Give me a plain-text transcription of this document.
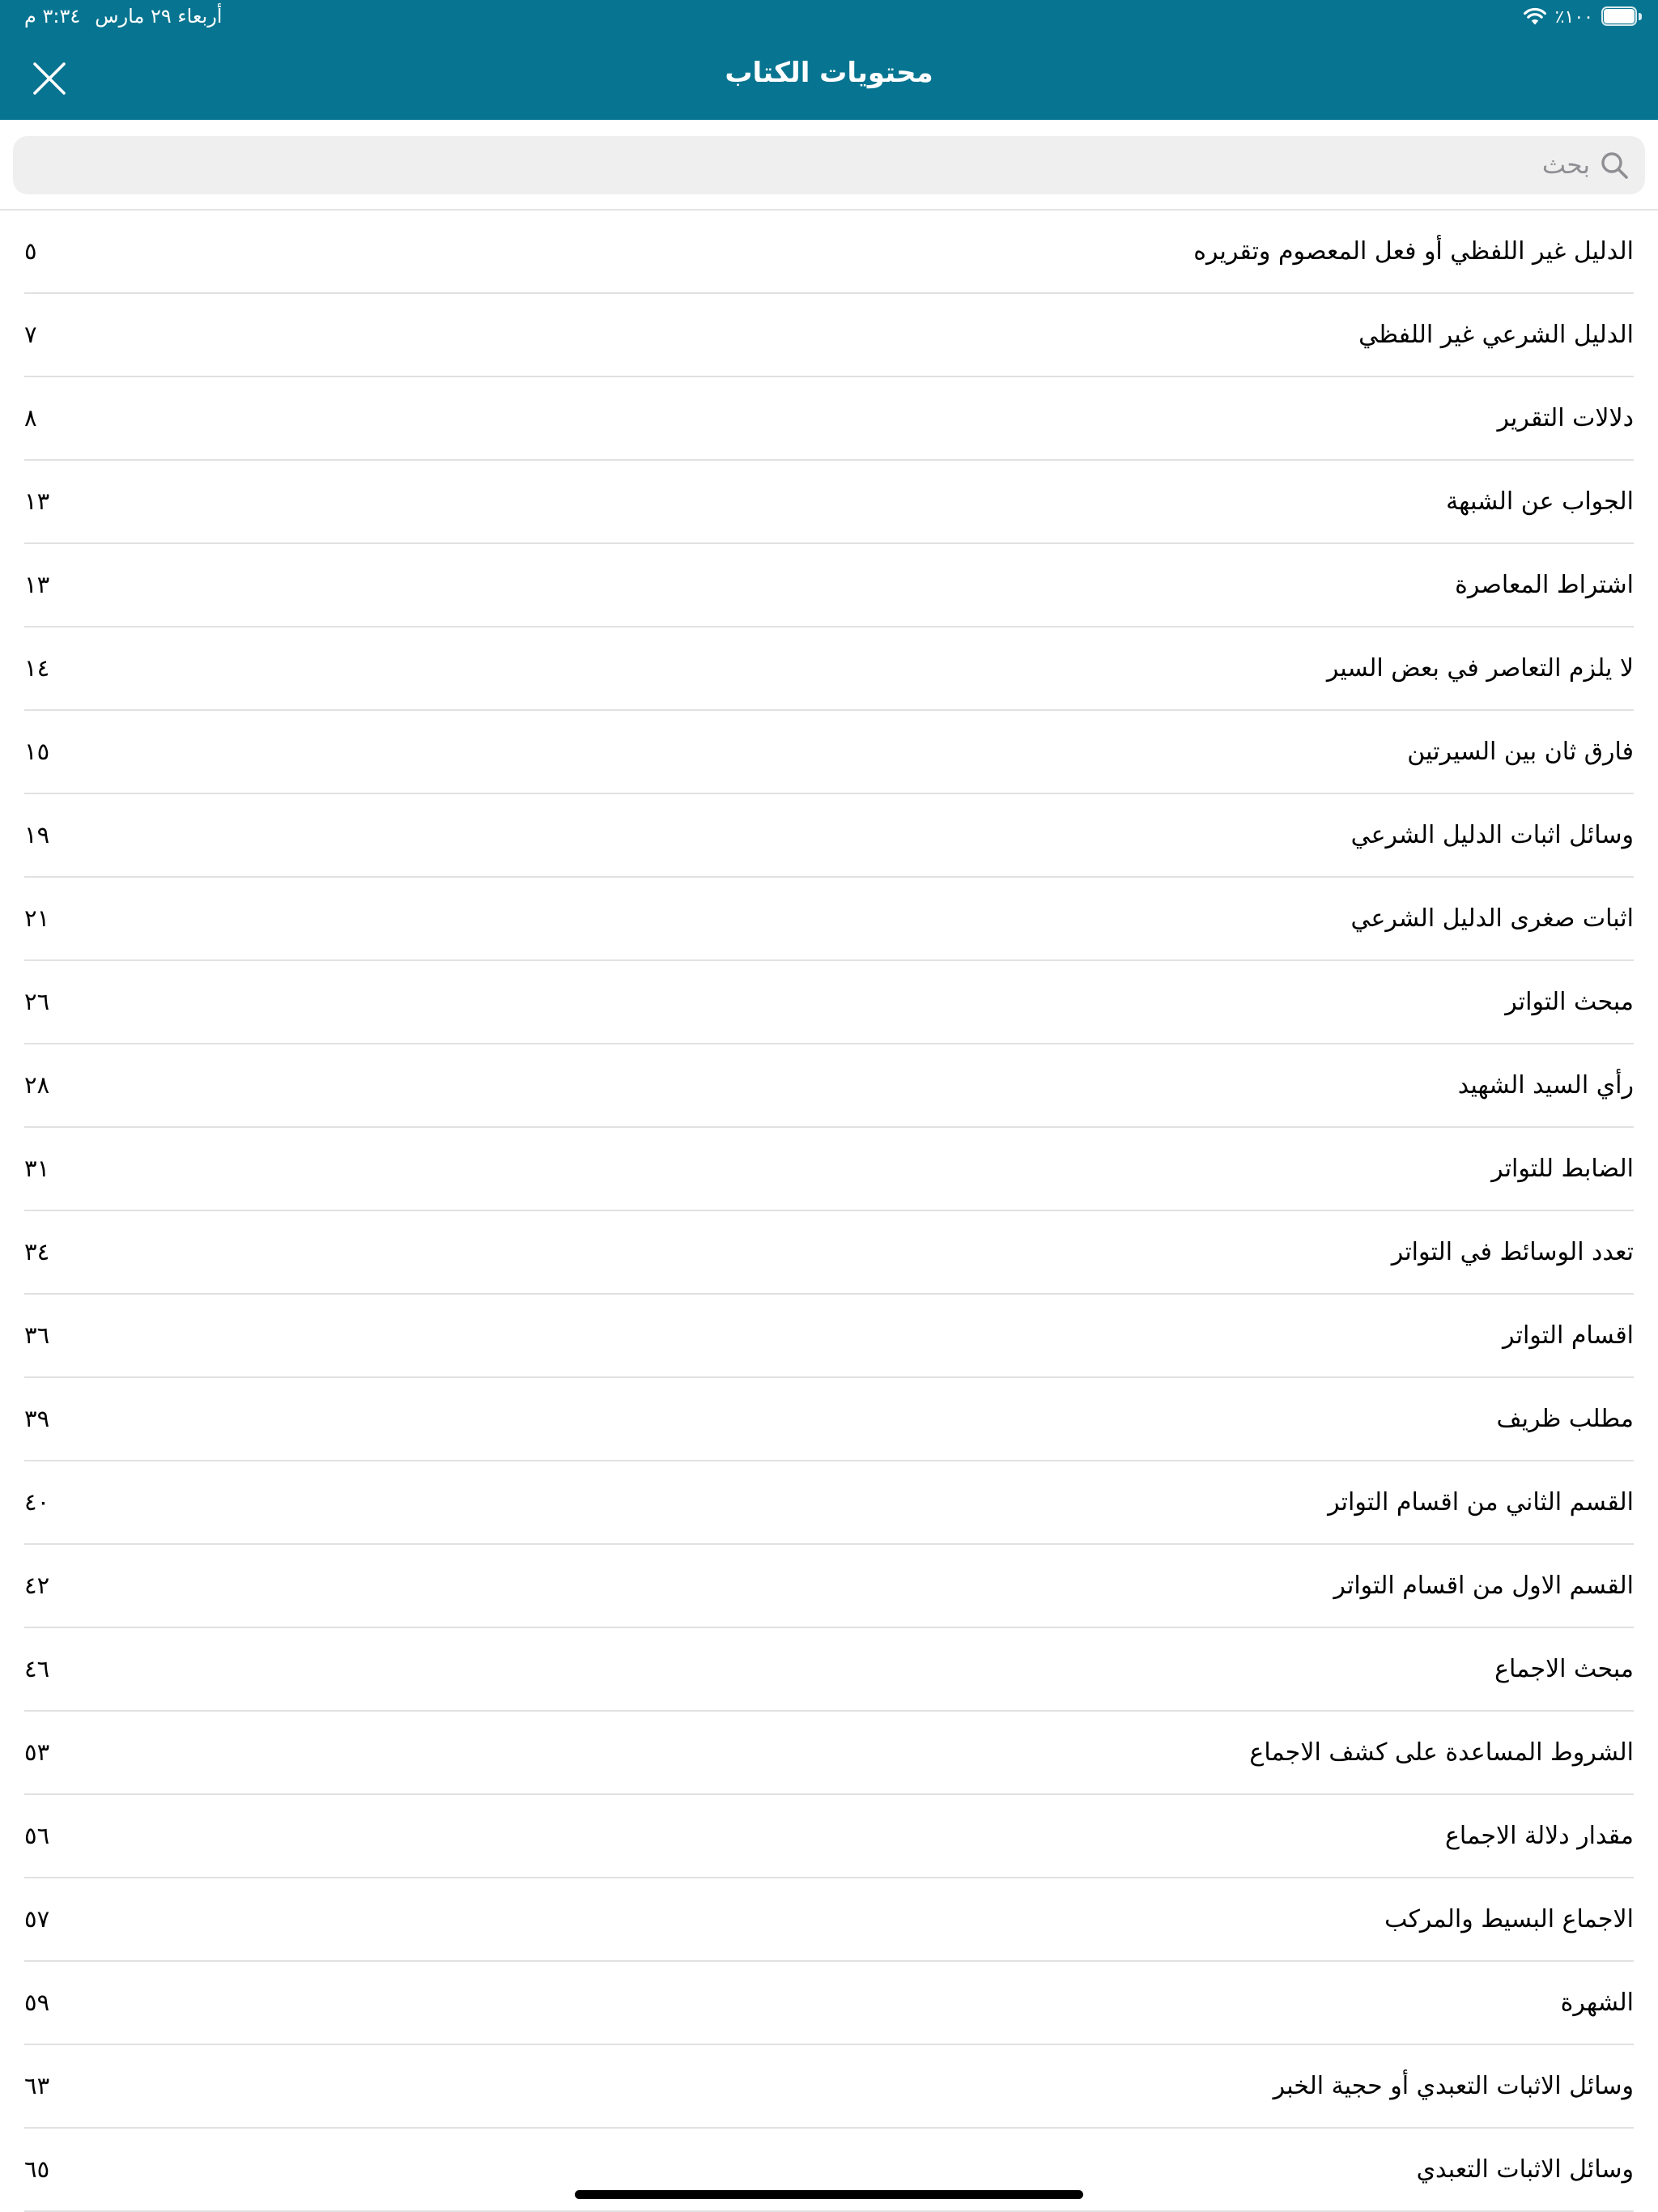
أربعاء ٢٩ مارس٣:٣٤ م	٪١٠٠
محتويات الكتاب
بحث
الدليل غير اللفظي أو فعل المعصوم وتقريره
٥
الدليل الشرعي غير اللفظي
٧
دلالات التقرير
٨
الجواب عن الشبهة
١٣
اشتراط المعاصرة
١٣
لا يلزم التعاصر في بعض السير
١٤
فارق ثان بين السيرتين
١٥
وسائل اثبات الدليل الشرعي
١٩
اثبات صغرى الدليل الشرعي
٢١
مبحث التواتر
٢٦
رأي السيد الشهيد
٢٨
الضابط للتواتر
٣١
تعدد الوسائط في التواتر
٣٤
اقسام التواتر
٣٦
مطلب ظريف
٣٩
القسم الثاني من اقسام التواتر
٤٠
القسم الاول من اقسام التواتر
٤٢
مبحث الاجماع
٤٦
الشروط المساعدة على كشف الاجماع
٥٣
مقدار دلالة الاجماع
٥٦
الاجماع البسيط والمركب
٥٧
الشهرة
٥٩
وسائل الاثبات التعبدي أو حجية الخبر
٦٣
وسائل الاثبات التعبدي
٦٥
